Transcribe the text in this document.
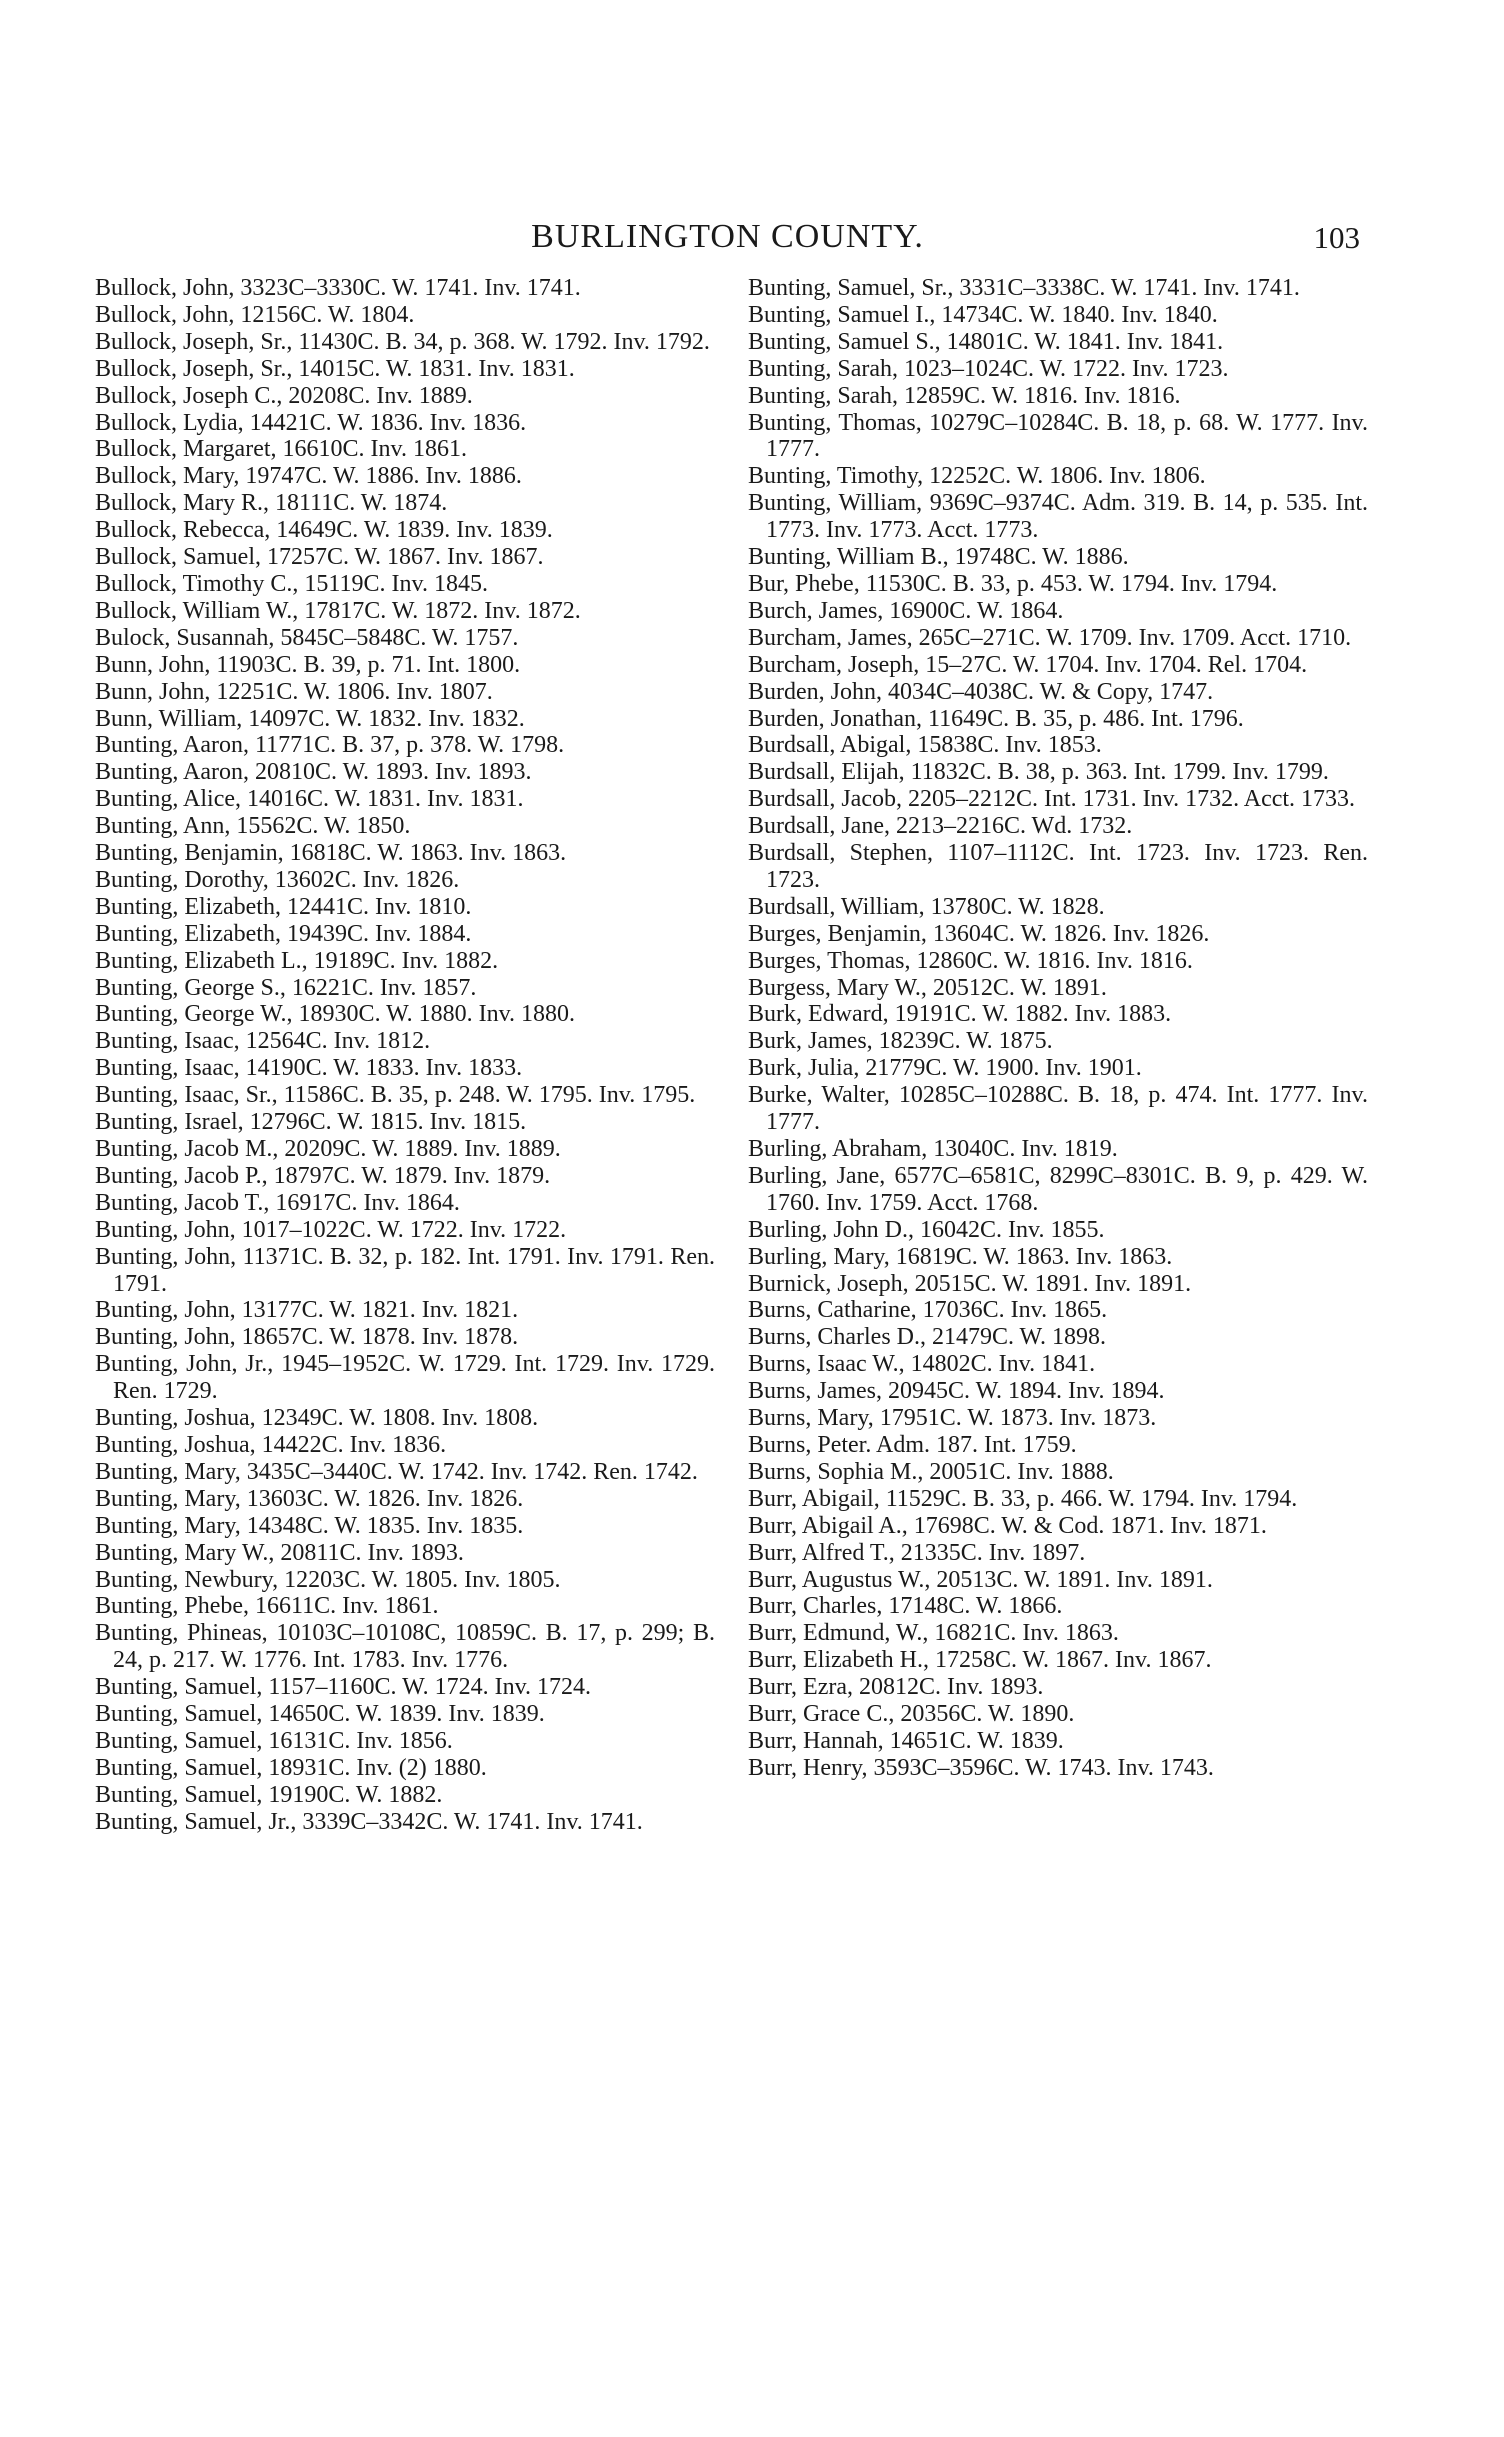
BURLINGTON COUNTY.	103
Bullock, John, 3323C–3330C. W. 1741. Inv. 1741.
Bullock, John, 12156C. W. 1804.
Bullock, Joseph, Sr., 11430C. B. 34, p. 368. W. 1792. Inv. 1792.
Bullock, Joseph, Sr., 14015C. W. 1831. Inv. 1831.
Bullock, Joseph C., 20208C. Inv. 1889.
Bullock, Lydia, 14421C. W. 1836. Inv. 1836.
Bullock, Margaret, 16610C. Inv. 1861.
Bullock, Mary, 19747C. W. 1886. Inv. 1886.
Bullock, Mary R., 18111C. W. 1874.
Bullock, Rebecca, 14649C. W. 1839. Inv. 1839.
Bullock, Samuel, 17257C. W. 1867. Inv. 1867.
Bullock, Timothy C., 15119C. Inv. 1845.
Bullock, William W., 17817C. W. 1872. Inv. 1872.
Bulock, Susannah, 5845C–5848C. W. 1757.
Bunn, John, 11903C. B. 39, p. 71. Int. 1800.
Bunn, John, 12251C. W. 1806. Inv. 1807.
Bunn, William, 14097C. W. 1832. Inv. 1832.
Bunting, Aaron, 11771C. B. 37, p. 378. W. 1798.
Bunting, Aaron, 20810C. W. 1893. Inv. 1893.
Bunting, Alice, 14016C. W. 1831. Inv. 1831.
Bunting, Ann, 15562C. W. 1850.
Bunting, Benjamin, 16818C. W. 1863. Inv. 1863.
Bunting, Dorothy, 13602C. Inv. 1826.
Bunting, Elizabeth, 12441C. Inv. 1810.
Bunting, Elizabeth, 19439C. Inv. 1884.
Bunting, Elizabeth L., 19189C. Inv. 1882.
Bunting, George S., 16221C. Inv. 1857.
Bunting, George W., 18930C. W. 1880. Inv. 1880.
Bunting, Isaac, 12564C. Inv. 1812.
Bunting, Isaac, 14190C. W. 1833. Inv. 1833.
Bunting, Isaac, Sr., 11586C. B. 35, p. 248. W. 1795. Inv. 1795.
Bunting, Israel, 12796C. W. 1815. Inv. 1815.
Bunting, Jacob M., 20209C. W. 1889. Inv. 1889.
Bunting, Jacob P., 18797C. W. 1879. Inv. 1879.
Bunting, Jacob T., 16917C. Inv. 1864.
Bunting, John, 1017–1022C. W. 1722. Inv. 1722.
Bunting, John, 11371C. B. 32, p. 182. Int. 1791. Inv. 1791. Ren. 1791.
Bunting, John, 13177C. W. 1821. Inv. 1821.
Bunting, John, 18657C. W. 1878. Inv. 1878.
Bunting, John, Jr., 1945–1952C. W. 1729. Int. 1729. Inv. 1729. Ren. 1729.
Bunting, Joshua, 12349C. W. 1808. Inv. 1808.
Bunting, Joshua, 14422C. Inv. 1836.
Bunting, Mary, 3435C–3440C. W. 1742. Inv. 1742. Ren. 1742.
Bunting, Mary, 13603C. W. 1826. Inv. 1826.
Bunting, Mary, 14348C. W. 1835. Inv. 1835.
Bunting, Mary W., 20811C. Inv. 1893.
Bunting, Newbury, 12203C. W. 1805. Inv. 1805.
Bunting, Phebe, 16611C. Inv. 1861.
Bunting, Phineas, 10103C–10108C, 10859C. B. 17, p. 299; B. 24, p. 217. W. 1776. Int. 1783. Inv. 1776.
Bunting, Samuel, 1157–1160C. W. 1724. Inv. 1724.
Bunting, Samuel, 14650C. W. 1839. Inv. 1839.
Bunting, Samuel, 16131C. Inv. 1856.
Bunting, Samuel, 18931C. Inv. (2) 1880.
Bunting, Samuel, 19190C. W. 1882.
Bunting, Samuel, Jr., 3339C–3342C. W. 1741. Inv. 1741.
Bunting, Samuel, Sr., 3331C–3338C. W. 1741. Inv. 1741.
Bunting, Samuel I., 14734C. W. 1840. Inv. 1840.
Bunting, Samuel S., 14801C. W. 1841. Inv. 1841.
Bunting, Sarah, 1023–1024C. W. 1722. Inv. 1723.
Bunting, Sarah, 12859C. W. 1816. Inv. 1816.
Bunting, Thomas, 10279C–10284C. B. 18, p. 68. W. 1777. Inv. 1777.
Bunting, Timothy, 12252C. W. 1806. Inv. 1806.
Bunting, William, 9369C–9374C. Adm. 319. B. 14, p. 535. Int. 1773. Inv. 1773. Acct. 1773.
Bunting, William B., 19748C. W. 1886.
Bur, Phebe, 11530C. B. 33, p. 453. W. 1794. Inv. 1794.
Burch, James, 16900C. W. 1864.
Burcham, James, 265C–271C. W. 1709. Inv. 1709. Acct. 1710.
Burcham, Joseph, 15–27C. W. 1704. Inv. 1704. Rel. 1704.
Burden, John, 4034C–4038C. W. & Copy, 1747.
Burden, Jonathan, 11649C. B. 35, p. 486. Int. 1796.
Burdsall, Abigal, 15838C. Inv. 1853.
Burdsall, Elijah, 11832C. B. 38, p. 363. Int. 1799. Inv. 1799.
Burdsall, Jacob, 2205–2212C. Int. 1731. Inv. 1732. Acct. 1733.
Burdsall, Jane, 2213–2216C. Wd. 1732.
Burdsall, Stephen, 1107–1112C. Int. 1723. Inv. 1723. Ren. 1723.
Burdsall, William, 13780C. W. 1828.
Burges, Benjamin, 13604C. W. 1826. Inv. 1826.
Burges, Thomas, 12860C. W. 1816. Inv. 1816.
Burgess, Mary W., 20512C. W. 1891.
Burk, Edward, 19191C. W. 1882. Inv. 1883.
Burk, James, 18239C. W. 1875.
Burk, Julia, 21779C. W. 1900. Inv. 1901.
Burke, Walter, 10285C–10288C. B. 18, p. 474. Int. 1777. Inv. 1777.
Burling, Abraham, 13040C. Inv. 1819.
Burling, Jane, 6577C–6581C, 8299C–8301C. B. 9, p. 429. W. 1760. Inv. 1759. Acct. 1768.
Burling, John D., 16042C. Inv. 1855.
Burling, Mary, 16819C. W. 1863. Inv. 1863.
Burnick, Joseph, 20515C. W. 1891. Inv. 1891.
Burns, Catharine, 17036C. Inv. 1865.
Burns, Charles D., 21479C. W. 1898.
Burns, Isaac W., 14802C. Inv. 1841.
Burns, James, 20945C. W. 1894. Inv. 1894.
Burns, Mary, 17951C. W. 1873. Inv. 1873.
Burns, Peter. Adm. 187. Int. 1759.
Burns, Sophia M., 20051C. Inv. 1888.
Burr, Abigail, 11529C. B. 33, p. 466. W. 1794. Inv. 1794.
Burr, Abigail A., 17698C. W. & Cod. 1871. Inv. 1871.
Burr, Alfred T., 21335C. Inv. 1897.
Burr, Augustus W., 20513C. W. 1891. Inv. 1891.
Burr, Charles, 17148C. W. 1866.
Burr, Edmund, W., 16821C. Inv. 1863.
Burr, Elizabeth H., 17258C. W. 1867. Inv. 1867.
Burr, Ezra, 20812C. Inv. 1893.
Burr, Grace C., 20356C. W. 1890.
Burr, Hannah, 14651C. W. 1839.
Burr, Henry, 3593C–3596C. W. 1743. Inv. 1743.
